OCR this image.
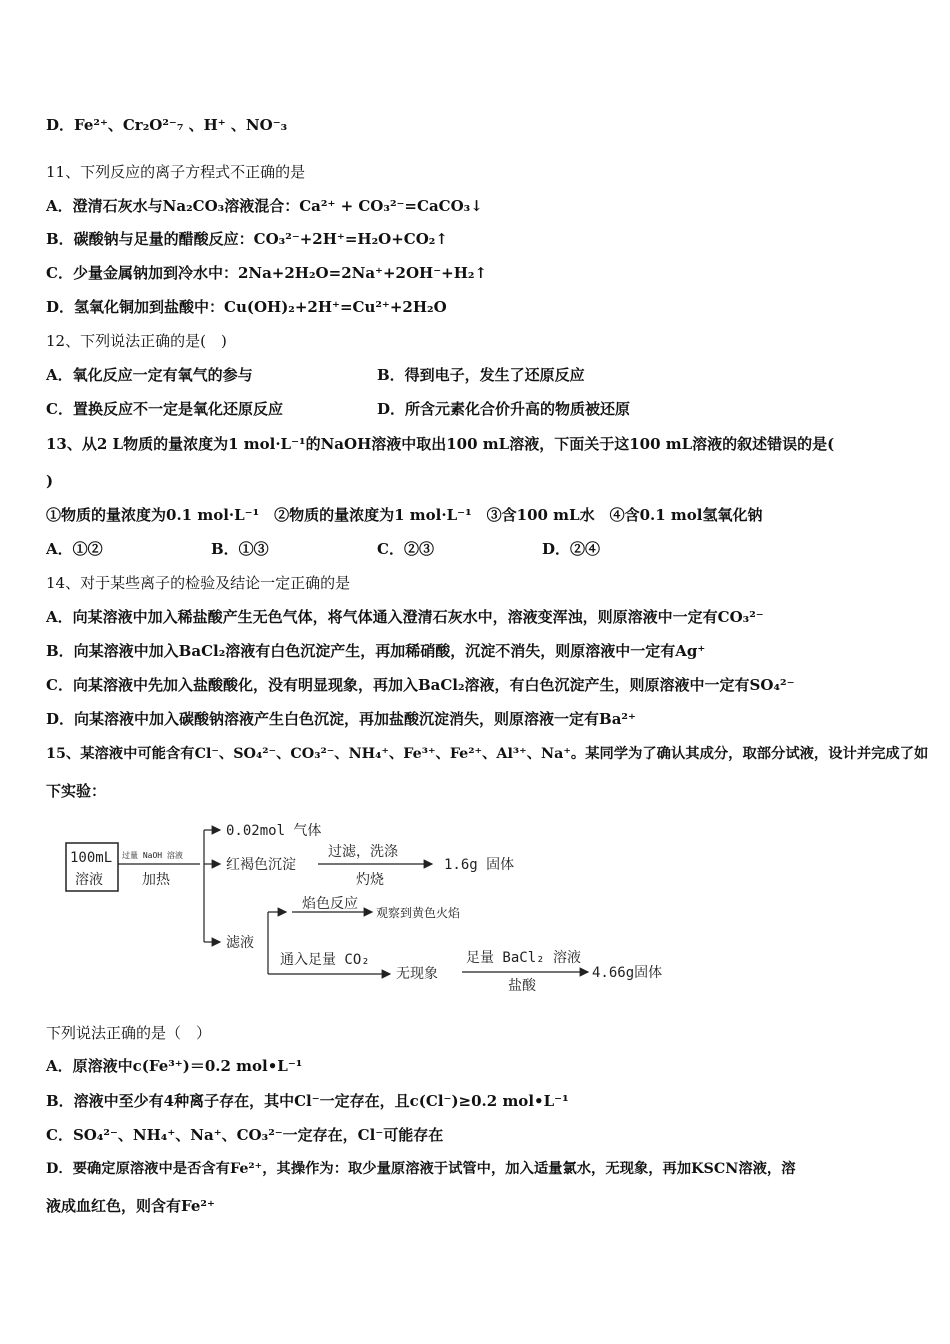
D．Fe²⁺、Cr₂O²⁻₇ 、H⁺ 、NO⁻₃
11、下列反应的离子方程式不正确的是
A．澄清石灰水与Na₂CO₃溶液混合：Ca²⁺ + CO₃²⁻=CaCO₃↓
B．碳酸钠与足量的醋酸反应：CO₃²⁻+2H⁺=H₂O+CO₂↑
C．少量金属钠加到冷水中：2Na+2H₂O=2Na⁺+2OH⁻+H₂↑
D．氢氧化铜加到盐酸中：Cu(OH)₂+2H⁺=Cu²⁺+2H₂O
12、下列说法正确的是(　)
A．氧化反应一定有氧气的参与	B．得到电子，发生了还原反应
C．置换反应不一定是氧化还原反应	D．所含元素化合价升高的物质被还原
13、从2 L物质的量浓度为1 mol·L⁻¹的NaOH溶液中取出100 mL溶液，下面关于这100 mL溶液的叙述错误的是(
)
①物质的量浓度为0.1 mol·L⁻¹　②物质的量浓度为1 mol·L⁻¹　③含100 mL水　④含0.1 mol氢氧化钠
A．①②	B．①③	C．②③	D．②④
14、对于某些离子的检验及结论一定正确的是
A．向某溶液中加入稀盐酸产生无色气体，将气体通入澄清石灰水中，溶液变浑浊，则原溶液中一定有CO₃²⁻
B．向某溶液中加入BaCl₂溶液有白色沉淀产生，再加稀硝酸，沉淀不消失，则原溶液中一定有Ag⁺
C．向某溶液中先加入盐酸酸化，没有明显现象，再加入BaCl₂溶液，有白色沉淀产生，则原溶液中一定有SO₄²⁻
D．向某溶液中加入碳酸钠溶液产生白色沉淀，再加盐酸沉淀消失，则原溶液一定有Ba²⁺
15、某溶液中可能含有Cl⁻、SO₄²⁻、CO₃²⁻、NH₄⁺、Fe³⁺、Fe²⁺、Al³⁺、Na⁺。某同学为了确认其成分，取部分试液，设计并完成了如
下实验：
100mL
溶液
过量 NaOH 溶液
加热
0.02mol 气体
红褐色沉淀
过滤，洗涤
灼烧
1.6g 固体
滤液
焰色反应
观察到黄色火焰
通入足量 CO₂
无现象
足量 BaCl₂ 溶液
盐酸
4.66g固体
下列说法正确的是（　）
A．原溶液中c(Fe³⁺)＝0.2 mol•L⁻¹
B．溶液中至少有4种离子存在，其中Cl⁻一定存在，且c(Cl⁻)≥0.2 mol•L⁻¹
C．SO₄²⁻、NH₄⁺、Na⁺、CO₃²⁻一定存在，Cl⁻可能存在
D．要确定原溶液中是否含有Fe²⁺，其操作为：取少量原溶液于试管中，加入适量氯水，无现象，再加KSCN溶液，溶
液成血红色，则含有Fe²⁺
